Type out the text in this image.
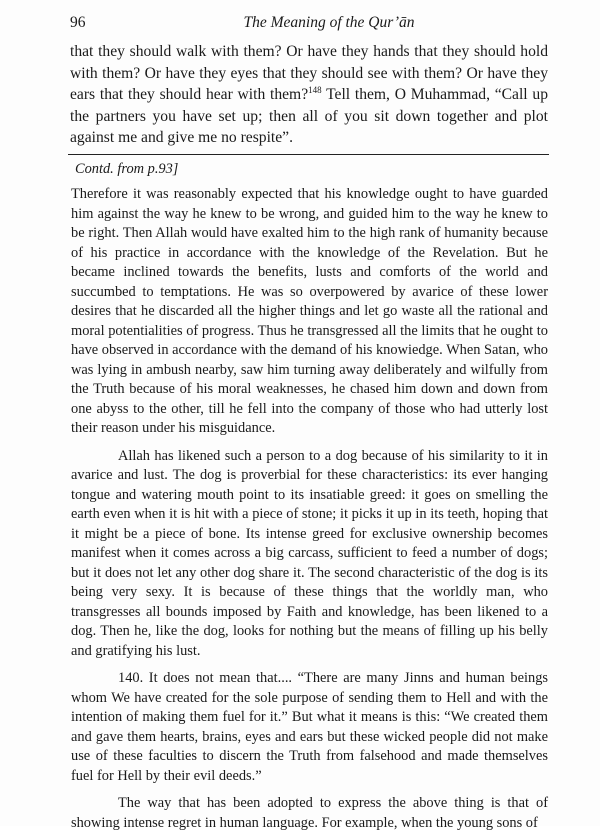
96	The Meaning of the Qur’ān

that they should walk with them? Or have they hands that they should hold with them? Or have they eyes that they should see with them? Or have they ears that they should hear with them?$^{148}$ Tell them, O Muhammad, “Call up the partners you have set up; then all of you sit down together and plot against me and give me no respite”.

Contd. from p.93]

Therefore it was reasonably expected that his knowledge ought to have guarded him against the way he knew to be wrong, and guided him to the way he knew to be right. Then Allah would have exalted him to the high rank of humanity because of his practice in accordance with the knowledge of the Revelation. But he became inclined towards the benefits, lusts and comforts of the world and succumbed to temptations. He was so overpowered by avarice of these lower desires that he discarded all the higher things and let go waste all the rational and moral potentialities of progress. Thus he transgressed all the limits that he ought to have observed in accordance with the demand of his knowiedge. When Satan, who was lying in ambush nearby, saw him turning away deliberately and wilfully from the Truth because of his moral weaknesses, he chased him down and down from one abyss to the other, till he fell into the company of those who had utterly lost their reason under his misguidance.

Allah has likened such a person to a dog because of his similarity to it in avarice and lust. The dog is proverbial for these characteristics: its ever hanging tongue and watering mouth point to its insatiable greed: it goes on smelling the earth even when it is hit with a piece of stone; it picks it up in its teeth, hoping that it might be a piece of bone. Its intense greed for exclusive ownership becomes manifest when it comes across a big carcass, sufficient to feed a number of dogs; but it does not let any other dog share it. The second characteristic of the dog is its being very sexy. It is because of these things that the worldly man, who transgresses all bounds imposed by Faith and knowledge, has been likened to a dog. Then he, like the dog, looks for nothing but the means of filling up his belly and gratifying his lust.

140. It does not mean that.... “There are many Jinns and human beings whom We have created for the sole purpose of sending them to Hell and with the intention of making them fuel for it.” But what it means is this: “We created them and gave them hearts, brains, eyes and ears but these wicked people did not make use of these faculties to discern the Truth from falsehood and made themselves fuel for Hell by their evil deeds.”

The way that has been adopted to express the above thing is that of showing intense regret in human language. For example, when the young sons of
